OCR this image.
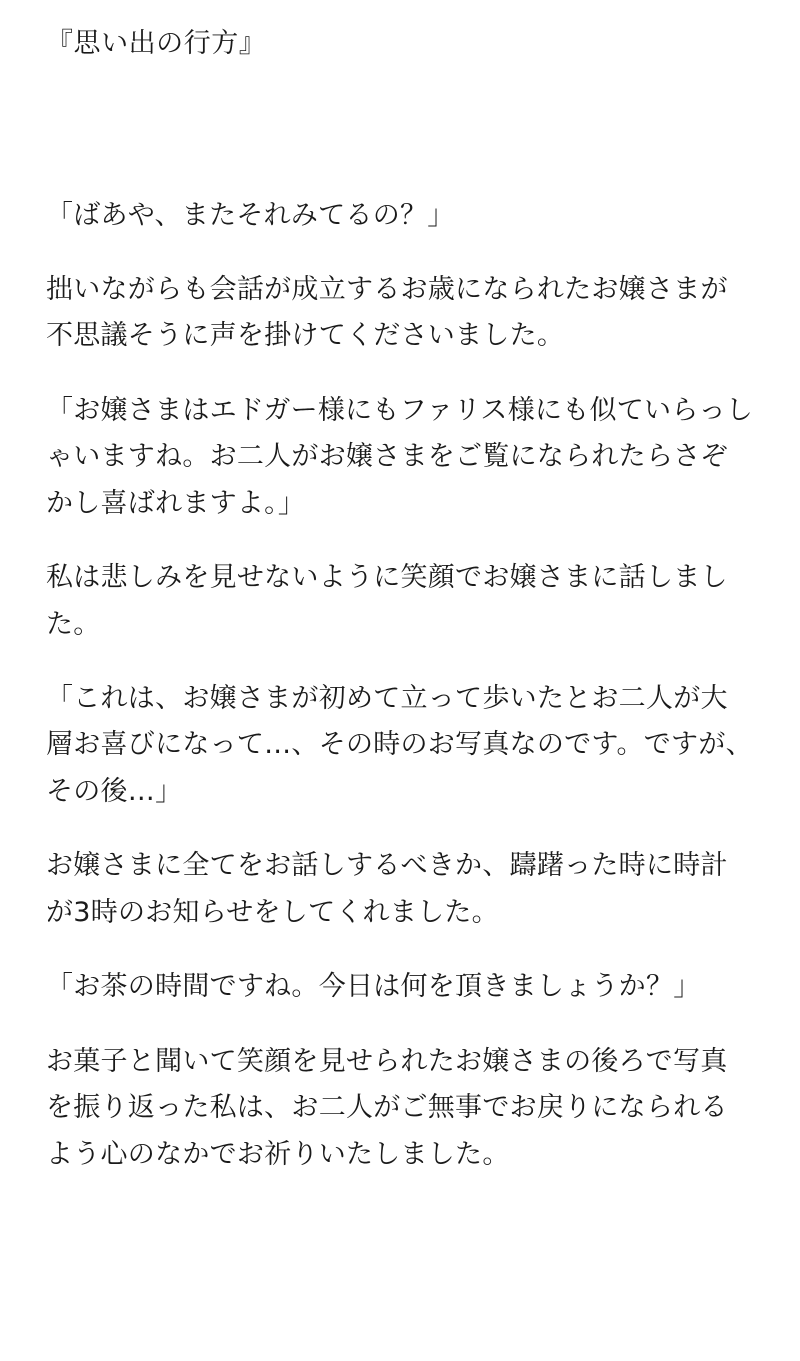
『思い出の行方』

「ばあや、またそれみてるの？」

拙いながらも会話が成立するお歳になられたお嬢さまが不思議そうに声を掛けてくださいました。

「お嬢さまはエドガー様にもファリス様にも似ていらっしゃいますね。お二人がお嬢さまをご覧になられたらさぞかし喜ばれますよ。」

私は悲しみを見せないように笑顔でお嬢さまに話しました。

「これは、お嬢さまが初めて立って歩いたとお二人が大層お喜びになって…、その時のお写真なのです。ですが、その後…」

お嬢さまに全てをお話しするべきか、躊躇った時に時計が3時のお知らせをしてくれました。

「お茶の時間ですね。今日は何を頂きましょうか？」

お菓子と聞いて笑顔を見せられたお嬢さまの後ろで写真を振り返った私は、お二人がご無事でお戻りになられるよう心のなかでお祈りいたしました。
